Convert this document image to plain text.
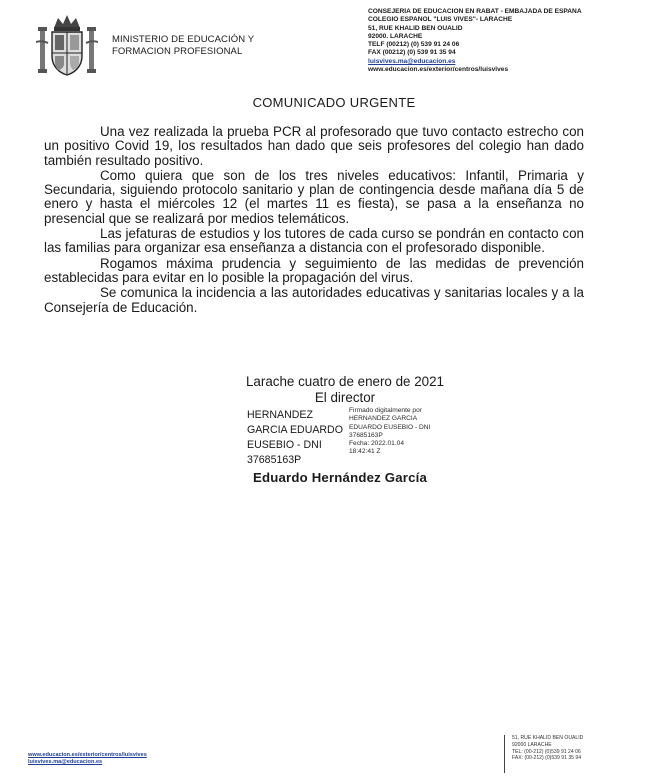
MINISTERIO DE EDUCACIÓN Y
FORMACION PROFESIONAL
CONSEJERÍA DE EDUCACIÓN EN RABAT - EMBAJADA DE ESPAÑA
COLEGIO ESPAÑOL "LUIS VIVES"- LARACHE
51, RUE KHALID BEN OUALID
92000. LARACHE
TELF (00212) (0) 539 91 24 06
FAX (00212) (0) 539 91 35 94
luisvives.ma@educacion.es
www.educacion.es/exterior/centros/luisvives
COMUNICADO URGENTE

Una vez realizada la prueba PCR al profesorado que tuvo contacto estrecho con un positivo Covid 19, los resultados han dado que seis profesores del colegio han dado también resultado positivo.

Como quiera que son de los tres niveles educativos: Infantil, Primaria y Secundaria, siguiendo protocolo sanitario y plan de contingencia desde mañana día 5 de enero y hasta el miércoles 12 (el martes 11 es fiesta), se pasa a la enseñanza no presencial que se realizará por medios telemáticos.

Las jefaturas de estudios y los tutores de cada curso se pondrán en contacto con las familias para organizar esa enseñanza a distancia con el profesorado disponible.

Rogamos máxima prudencia y seguimiento de las medidas de prevención establecidas para evitar en lo posible la propagación del virus.

Se comunica la incidencia a las autoridades educativas y sanitarias locales y a la Consejería de Educación.

Larache cuatro de enero de 2021
El director
HERNANDEZ
GARCIA EDUARDO
EUSEBIO - DNI
37685163P
Firmado digitalmente por
HERNANDEZ GARCIA
EDUARDO EUSEBIO - DNI
37685163P
Fecha: 2022.01.04
18:42:41 Z
Eduardo Hernández García
www.educacion.es/exterior/centros/luisvives
luisvives.ma@educacion.es
51, RUE KHALID BEN OUALID
92000 LARACHE
TEL: (00-212) (0)539 91 24 06
FAX: (00-212) (0)539 91 35 94
